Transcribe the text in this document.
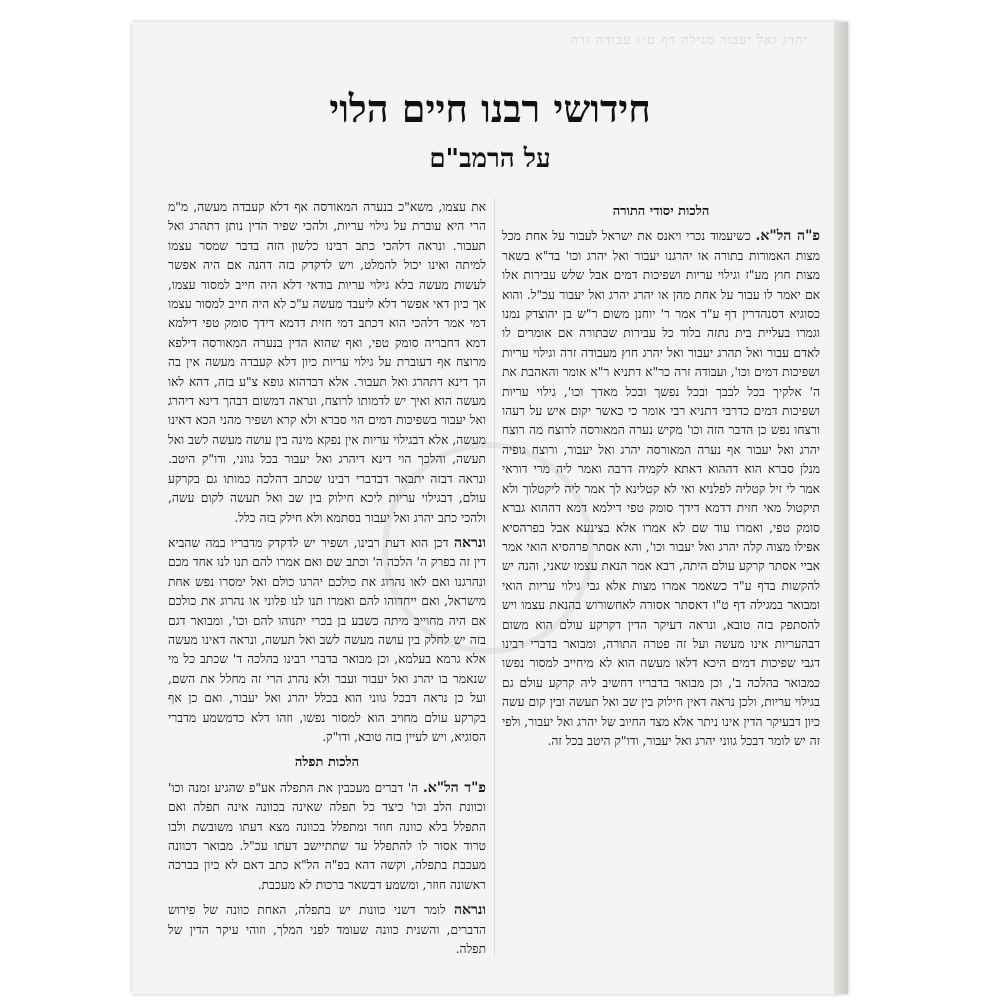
יהרג ואל יעבור מגילה דף ט״ו עבודה זרה
חידושי רבנו חיים הלוי
על הרמב"ם
הלכות יסודי התורה

פ"ה הל"א. כשיעמוד נכרי ויאנס את ישראל לעבור על אחת מכל מצות האמורות בתורה או יהרגנו יעבור ואל יהרג וכו' בד"א בשאר מצות חוץ מע"ז וגילוי עריות ושפיכות דמים אבל שלש עבירות אלו אם יאמר לו עבור על אחת מהן או יהרג יהרג ואל יעבור עכ"ל. והוא כסוגיא דסנהדרין דף ע"ד אמר ר' יוחנן משום ר"ש בן יהוצדק נמנו וגמרו בעליית בית נתזה בלוד כל עבירות שבתורה אם אומרים לו לאדם עבור ואל תהרג יעבור ואל יהרג חוץ מעבודה זרה וגילוי עריות ושפיכות דמים וכו', ועבודה זרה כר"א דתניא ר"א אומר והאהבת את ה' אלקיך בכל לבבך ובכל נפשך ובכל מאדך וכו', גילוי עריות ושפיכות דמים כדרבי דתניא רבי אומר כי כאשר יקום איש על רעהו ורצחו נפש כן הדבר הזה וכו' מקיש נערה המאורסה לרוצח מה רוצח יהרג ואל יעבור אף נערה המאורסה יהרג ואל יעבור, ורוצח גופיה מנלן סברא הוא דההוא דאתא לקמיה דרבה ואמר ליה מרי דוראי אמר לי זיל קטליה לפלניא ואי לא קטלינא לך אמר ליה ליקטלוך ולא תיקטול מאי חזית דדמא דידך סומק טפי דילמא דמא דההוא גברא סומק טפי, ואמרו עוד שם לא אמרו אלא בצינעא אבל בפרהסיא אפילו מצוה קלה יהרג ואל יעבור וכו', והא אסתר פרהסיא הואי אמר אביי אסתר קרקע עולם היתה, רבא אמר הנאת עצמו שאני, והנה יש להקשות בדף ע"ד כשאמר אמרו מצות אלא גבי גילוי עריות הואי ומבואר במגילה דף ט"ו דאסתר אסורה לאחשורוש בהנאת עצמו ויש להסתפק בזה טובא, ונראה דעיקר הדין דקרקע עולם הוא משום דבהעריות אינו מעשה ועל זה פטרה התורה, ומבואר בדברי רבינו דגבי שפיכות דמים היכא דלאו מעשה הוא לא מיחייב למסור נפשו כמבואר בהלכה ב', וכן מבואר בדבריו דחשיב ליה קרקע עולם גם בגילוי עריות, ולכן נראה דאין חילוק בין שב ואל תעשה ובין קום עשה כיון דבעיקר הדין אינו ניתר אלא מצד החיוב של יהרג ואל יעבור, ולפי זה יש לומר דבכל גווני יהרג ואל יעבור, ודו"ק היטב בכל זה.

את עצמו, משא"כ בנערה המאורסה אף דלא קעבדה מעשה, מ"מ הרי היא עוברת על גילוי עריות, ולהכי שפיר הדין נותן דתהרג ואל תעבור. ונראה דלהכי כתב רבינו כלשון הזה בדבר שמסר עצמו למיתה ואינו יכול להמלט, ויש לדקדק בזה דהנה אם היה אפשר לעשות מעשה בלא גילוי עריות בודאי דלא היה חייב למסור עצמו, אך כיון דאי אפשר דלא ליעבד מעשה ע"כ לא היה חייב למסור עצמו דמי אמר דלהכי הוא דכתב דמי חזית דדמא דידך סומק טפי דילמא דמא דחבריה סומק טפי, ואף שהוא הדין בנערה המאורסה דילפא מרוצח אף דעוברת על גילוי עריות כיון דלא קעבדה מעשה אין בה הך דינא דתהרג ואל תעבור. אלא דבדהוא גופא צ"ע בזה, דהא לאו מעשה הוא ואיך יש לדמותו לרוצח, ונראה דמשום דבהך דינא דיהרג ואל יעבור בשפיכות דמים הוי סברא ולא קרא ושפיר מהני הכא דאינו מעשה, אלא דבגילוי עריות אין נפקא מינה בין עושה מעשה לשב ואל תעשה, והלכך הוי דינא דיהרג ואל יעבור בכל גווני, ודו"ק היטב. ונראה דבזה יתבאר דבדברי רבינו שכתב דהלכה כמותו גם בקרקע עולם, דבגילוי עריות ליכא חילוק בין שב ואל תעשה לקום עשה, ולהכי כתב יהרג ואל יעבור בסתמא ולא חילק בזה כלל.

ונראה דכן הוא דעת רבינו, ושפיר יש לדקדק מדבריו במה שהביא דין זה בפרק ה' הלכה ה' וכתב שם ואם אמרו להם תנו לנו אחד מכם ונהרגנו ואם לאו נהרוג את כולכם יהרגו כולם ואל ימסרו נפש אחת מישראל, ואם ייחדוהו להם ואמרו תנו לנו פלוני או נהרוג את כולכם אם היה מחוייב מיתה כשבע בן בכרי יתנוהו להם וכו', ומבואר דגם בזה יש לחלק בין עושה מעשה לשב ואל תעשה, ונראה דאינו מעשה אלא גרמא בעלמא, וכן מבואר בדברי רבינו בהלכה ד' שכתב כל מי שנאמר בו יהרג ואל יעבור ועבר ולא נהרג הרי זה מחלל את השם, ועל כן נראה דבכל גווני הוא בכלל יהרג ואל יעבור, ואם כן אף בקרקע עולם מחויב הוא למסור נפשו, וזהו דלא כדמשמע מדברי הסוגיא, ויש לעיין בזה טובא, ודו"ק.

הלכות תפלה

פ"ד הל"א. ה' דברים מעכבין את התפלה אע"פ שהגיע זמנה וכו' וכוונת הלב וכו' כיצד כל תפלה שאינה בכוונה אינה תפלה ואם התפלל בלא כוונה חוזר ומתפלל בכוונה מצא דעתו משובשת ולבו טרוד אסור לו להתפלל עד שתתיישב דעתו עכ"ל. מבואר דכוונה מעכבת בתפלה, וקשה דהא בפ"ה הל"א כתב דאם לא כיון בברכה ראשונה חוזר, ומשמע דבשאר ברכות לא מעכבת.

ונראה לומר דשני כוונות יש בתפלה, האחת כוונה של פירוש הדברים, והשנית כוונה שעומד לפני המלך, וזוהי עיקר הדין של תפלה.
